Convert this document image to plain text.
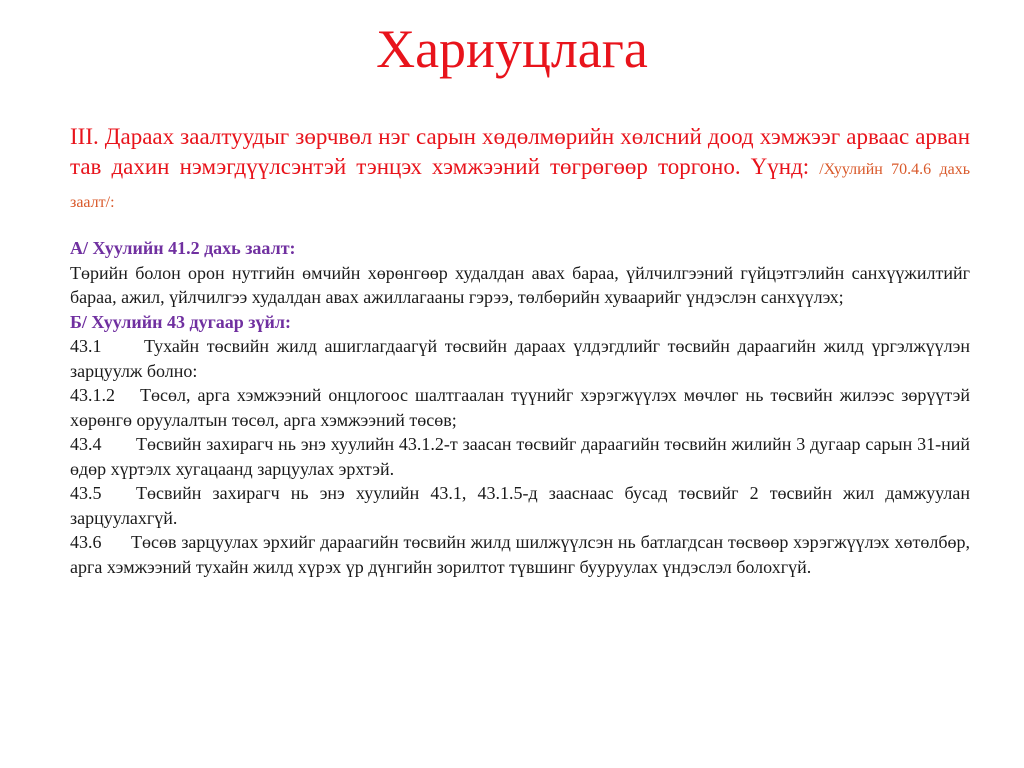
Хариуцлага
III. Дараах заалтуудыг зөрчвөл нэг сарын хөдөлмөрийн хөлсний доод хэмжээг арваас арван тав дахин нэмэгдүүлсэнтэй тэнцэх хэмжээний төгрөгөөр торгоно. Үүнд: /Хуулийн 70.4.6 дахь заалт/:

А/ Хуулийн 41.2 дахь заалт:

Төрийн болон орон нутгийн өмчийн хөрөнгөөр худалдан авах бараа, үйлчилгээний гүйцэтгэлийн санхүүжилтийг бараа, ажил, үйлчилгээ худалдан авах ажиллагааны гэрээ, төлбөрийн хуваарийг үндэслэн санхүүлэх;

Б/ Хуулийн 43 дугаар зүйл:

43.1 Тухайн төсвийн жилд ашиглагдаагүй төсвийн дараах үлдэгдлийг төсвийн дараагийн жилд үргэлжүүлэн зарцуулж болно:

43.1.2 Төсөл, арга хэмжээний онцлогоос шалтгаалан түүнийг хэрэгжүүлэх мөчлөг нь төсвийн жилээс зөрүүтэй хөрөнгө оруулалтын төсөл, арга хэмжээний төсөв;

43.4 Төсвийн захирагч нь энэ хуулийн 43.1.2-т заасан төсвийг дараагийн төсвийн жилийн 3 дугаар сарын 31-ний өдөр хүртэлх хугацаанд зарцуулах эрхтэй.

43.5 Төсвийн захирагч нь энэ хуулийн 43.1, 43.1.5-д зааснаас бусад төсвийг 2 төсвийн жил дамжуулан зарцуулахгүй.

43.6 Төсөв зарцуулах эрхийг дараагийн төсвийн жилд шилжүүлсэн нь батлагдсан төсвөөр хэрэгжүүлэх хөтөлбөр, арга хэмжээний тухайн жилд хүрэх үр дүнгийн зорилтот түвшинг бууруулах үндэслэл болохгүй.
